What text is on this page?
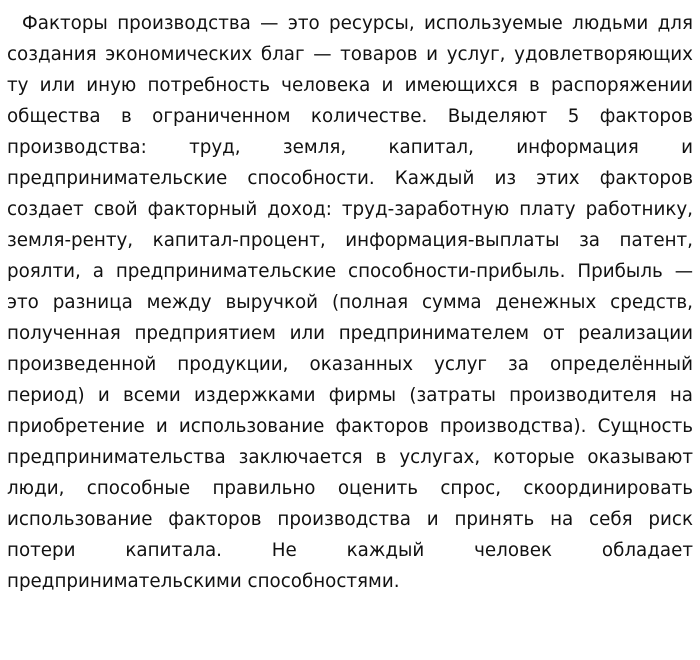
Факторы производства — это ресурсы, используемые людьми для создания экономических благ — товаров и услуг, удовлетворяющих ту или иную потребность человека и имеющихся в распоряжении общества в ограниченном количестве. Выделяют 5 факторов производства: труд, земля, капитал, информация и предпринимательские способности. Каждый из этих факторов создает свой факторный доход: труд-заработную плату работнику, земля-ренту, капитал-процент, информация-выплаты за патент, роялти, а предпринимательские способности-прибыль. Прибыль — это разница между выручкой (полная сумма денежных средств, полученная предприятием или предпринимателем от реализации произведенной продукции, оказанных услуг за определённый период) и всеми издержками фирмы (затраты производителя на приобретение и использование факторов производства). Сущность предпринимательства заключается в услугах, которые оказывают люди, способные правильно оценить спрос, скоординировать использование факторов производства и принять на себя риск потери капитала. Не каждый человек обладает предпринимательскими способностями.
